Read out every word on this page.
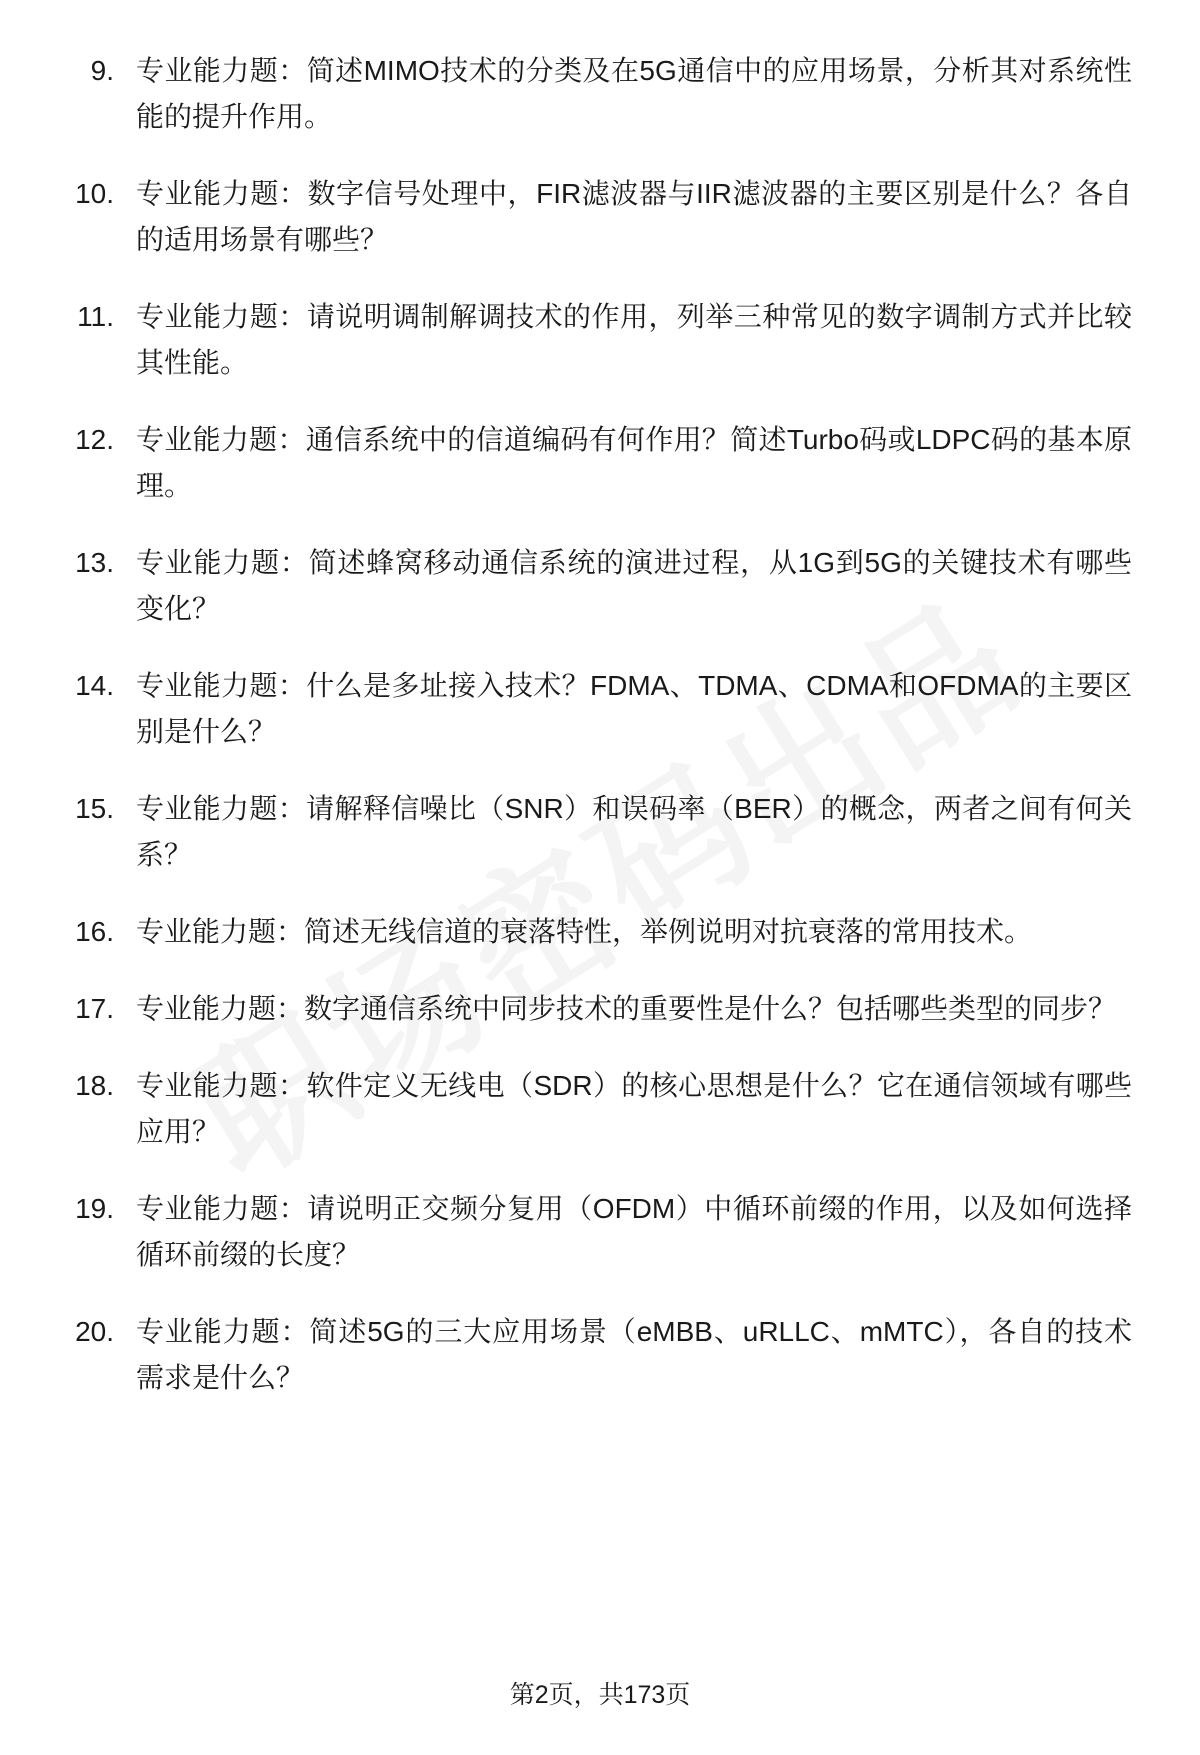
9. 专业能力题：简述MIMO技术的分类及在5G通信中的应用场景，分析其对系统性能的提升作用。
10. 专业能力题：数字信号处理中，FIR滤波器与IIR滤波器的主要区别是什么？各自的适用场景有哪些？
11. 专业能力题：请说明调制解调技术的作用，列举三种常见的数字调制方式并比较其性能。
12. 专业能力题：通信系统中的信道编码有何作用？简述Turbo码或LDPC码的基本原理。
13. 专业能力题：简述蜂窝移动通信系统的演进过程，从1G到5G的关键技术有哪些变化？
14. 专业能力题：什么是多址接入技术？FDMA、TDMA、CDMA和OFDMA的主要区别是什么？
15. 专业能力题：请解释信噪比（SNR）和误码率（BER）的概念，两者之间有何关系？
16. 专业能力题：简述无线信道的衰落特性，举例说明对抗衰落的常用技术。
17. 专业能力题：数字通信系统中同步技术的重要性是什么？包括哪些类型的同步？
18. 专业能力题：软件定义无线电（SDR）的核心思想是什么？它在通信领域有哪些应用？
19. 专业能力题：请说明正交频分复用（OFDM）中循环前缀的作用，以及如何选择循环前缀的长度？
20. 专业能力题：简述5G的三大应用场景（eMBB、uRLLC、mMTC），各自的技术需求是什么？
第2页，共173页
